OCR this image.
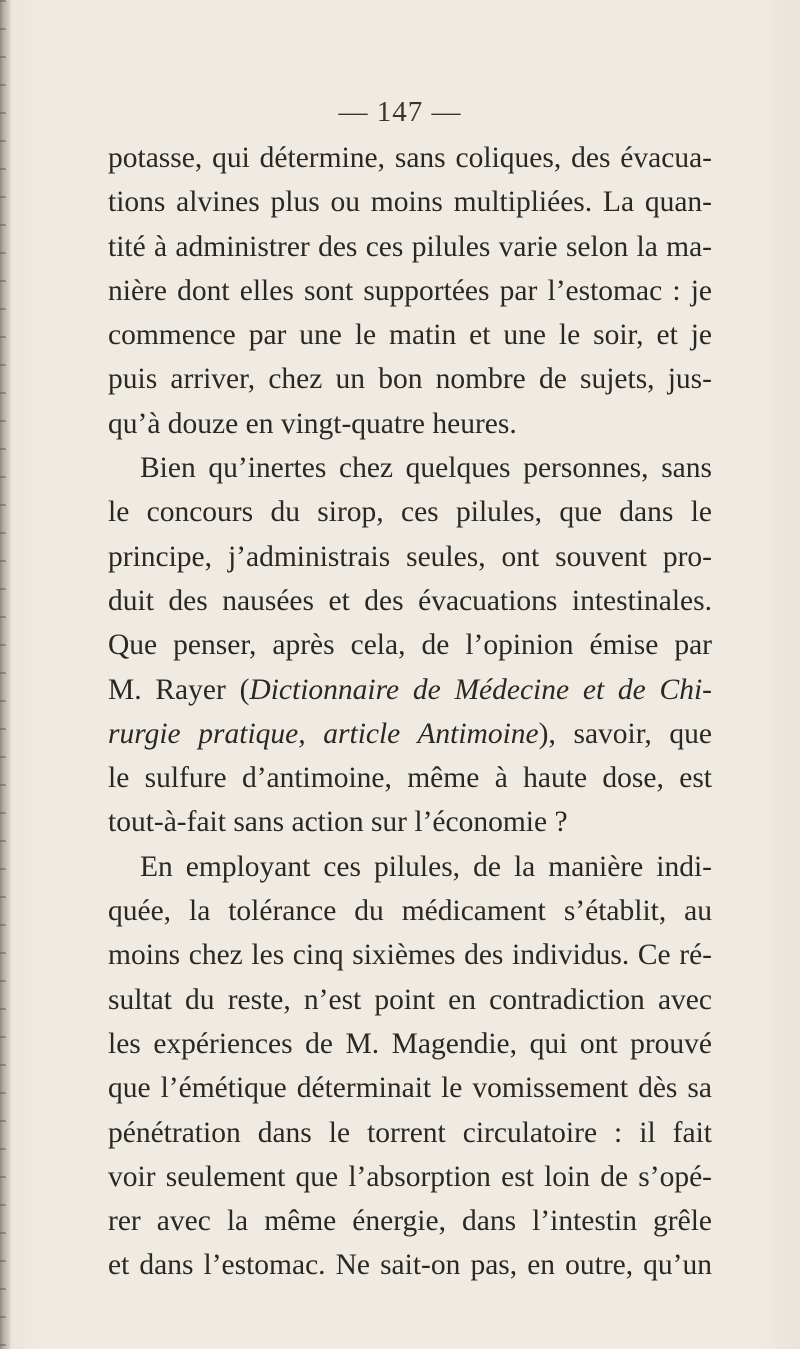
— 147 —
potasse, qui détermine, sans coliques, des évacua-
tions alvines plus ou moins multipliées. La quan-
tité à administrer des ces pilules varie selon la ma-
nière dont elles sont supportées par l’estomac : je
commence par une le matin et une le soir, et je
puis arriver, chez un bon nombre de sujets, jus-
qu’à douze en vingt-quatre heures.
Bien qu’inertes chez quelques personnes, sans
le concours du sirop, ces pilules, que dans le
principe, j’administrais seules, ont souvent pro-
duit des nausées et des évacuations intestinales.
Que penser, après cela, de l’opinion émise par
M. Rayer (Dictionnaire de Médecine et de Chi-
rurgie pratique, article Antimoine), savoir, que
le sulfure d’antimoine, même à haute dose, est
tout-à-fait sans action sur l’économie ?
En employant ces pilules, de la manière indi-
quée, la tolérance du médicament s’établit, au
moins chez les cinq sixièmes des individus. Ce ré-
sultat du reste, n’est point en contradiction avec
les expériences de M. Magendie, qui ont prouvé
que l’émétique déterminait le vomissement dès sa
pénétration dans le torrent circulatoire : il fait
voir seulement que l’absorption est loin de s’opé-
rer avec la même énergie, dans l’intestin grêle
et dans l’estomac. Ne sait-on pas, en outre, qu’un
